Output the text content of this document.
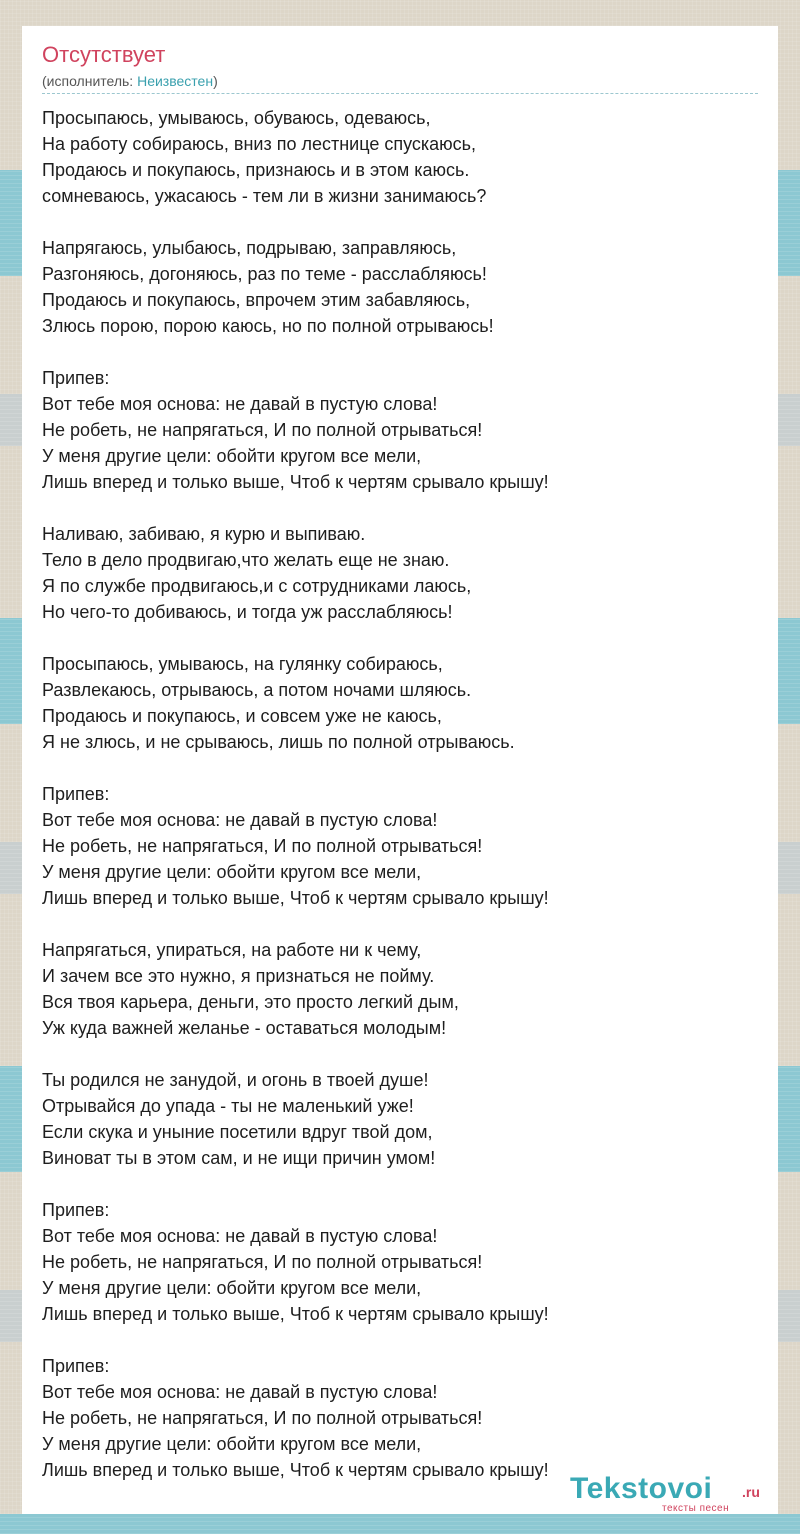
Отсутствует
(исполнитель: Неизвестен)
Просыпаюсь, умываюсь, обуваюсь, одеваюсь,
На работу собираюсь, вниз по лестнице спускаюсь,
Продаюсь и покупаюсь, признаюсь и в этом каюсь.
сомневаюсь, ужасаюсь - тем ли в жизни занимаюсь?
Напрягаюсь, улыбаюсь, подрываю, заправляюсь,
Разгоняюсь, догоняюсь, раз по теме - расслабляюсь!
Продаюсь и покупаюсь, впрочем этим забавляюсь,
Злюсь порою, порою каюсь, но по полной отрываюсь!
Припев:
Вот тебе моя основа: не давай в пустую слова!
Не робеть, не напрягаться, И по полной отрываться!
У меня другие цели: обойти кругом все мели,
Лишь вперед и только выше, Чтоб к чертям срывало крышу!
Наливаю, забиваю, я курю и выпиваю.
Тело в дело продвигаю,что желать еще не знаю.
Я по службе продвигаюсь,и с сотрудниками лаюсь,
Но чего-то добиваюсь, и тогда уж расслабляюсь!
Просыпаюсь, умываюсь, на гулянку собираюсь,
Развлекаюсь, отрываюсь, а потом ночами шляюсь.
Продаюсь и покупаюсь, и совсем уже не каюсь,
Я не злюсь, и не срываюсь, лишь по полной отрываюсь.
Припев:
Вот тебе моя основа: не давай в пустую слова!
Не робеть, не напрягаться, И по полной отрываться!
У меня другие цели: обойти кругом все мели,
Лишь вперед и только выше, Чтоб к чертям срывало крышу!
Напрягаться, упираться, на работе ни к чему,
И зачем все это нужно, я признаться не пойму.
Вся твоя карьера, деньги, это просто легкий дым,
Уж куда важней желанье - оставаться молодым!
Ты родился не занудой, и огонь в твоей душе!
Отрывайся до упада - ты не маленький уже!
Если скука и уныние посетили вдруг твой дом,
Виноват ты в этом сам, и не ищи причин умом!
Припев:
Вот тебе моя основа: не давай в пустую слова!
Не робеть, не напрягаться, И по полной отрываться!
У меня другие цели: обойти кругом все мели,
Лишь вперед и только выше, Чтоб к чертям срывало крышу!
Припев:
Вот тебе моя основа: не давай в пустую слова!
Не робеть, не напрягаться, И по полной отрываться!
У меня другие цели: обойти кругом все мели,
Лишь вперед и только выше, Чтоб к чертям срывало крышу!
Tekstovoi .ru
тексты песен
